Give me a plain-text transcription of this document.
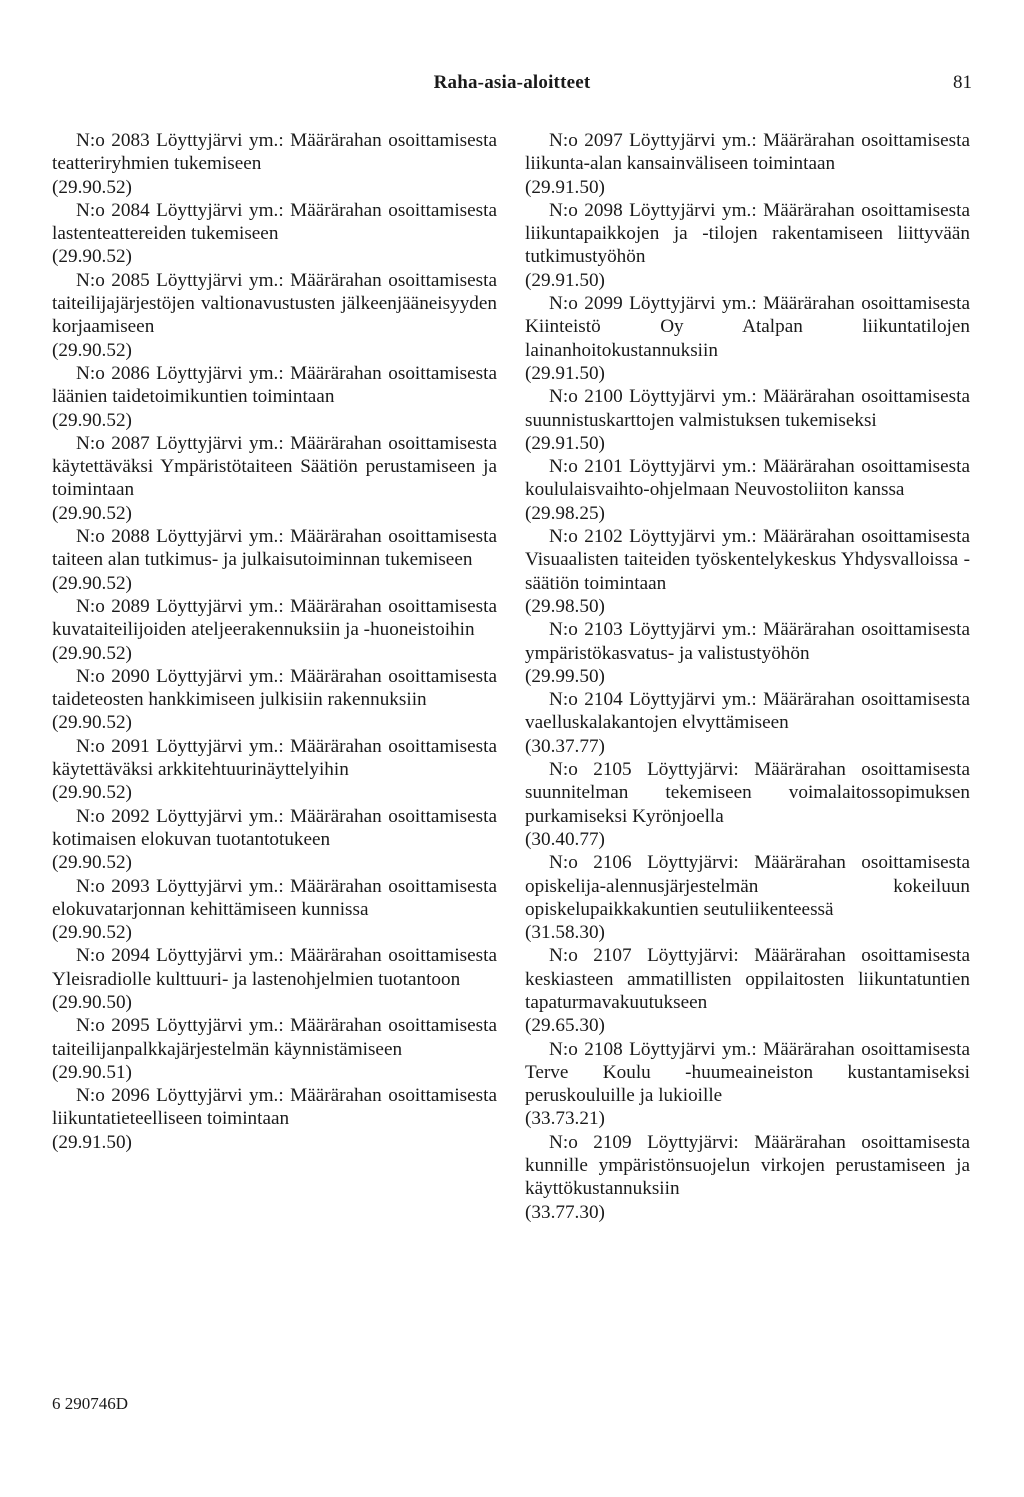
Raha-asia-aloitteet	81
N:o 2083 Löyttyjärvi ym.: Määrärahan osoittamisesta teatteriryhmien tukemiseen
(29.90.52)
N:o 2084 Löyttyjärvi ym.: Määrärahan osoittamisesta lastenteattereiden tukemiseen
(29.90.52)
N:o 2085 Löyttyjärvi ym.: Määrärahan osoittamisesta taiteilijajärjestöjen valtionavustusten jälkeenjääneisyyden korjaamiseen
(29.90.52)
N:o 2086 Löyttyjärvi ym.: Määrärahan osoittamisesta läänien taidetoimikuntien toimintaan
(29.90.52)
N:o 2087 Löyttyjärvi ym.: Määrärahan osoittamisesta käytettäväksi Ympäristötaiteen Säätiön perustamiseen ja toimintaan
(29.90.52)
N:o 2088 Löyttyjärvi ym.: Määrärahan osoittamisesta taiteen alan tutkimus- ja julkaisutoiminnan tukemiseen
(29.90.52)
N:o 2089 Löyttyjärvi ym.: Määrärahan osoittamisesta kuvataiteilijoiden ateljeerakennuksiin ja -huoneistoihin
(29.90.52)
N:o 2090 Löyttyjärvi ym.: Määrärahan osoittamisesta taideteosten hankkimiseen julkisiin rakennuksiin
(29.90.52)
N:o 2091 Löyttyjärvi ym.: Määrärahan osoittamisesta käytettäväksi arkkitehtuurinäyttelyihin
(29.90.52)
N:o 2092 Löyttyjärvi ym.: Määrärahan osoittamisesta kotimaisen elokuvan tuotantotukeen
(29.90.52)
N:o 2093 Löyttyjärvi ym.: Määrärahan osoittamisesta elokuvatarjonnan kehittämiseen kunnissa
(29.90.52)
N:o 2094 Löyttyjärvi ym.: Määrärahan osoittamisesta Yleisradiolle kulttuuri- ja lastenohjelmien tuotantoon
(29.90.50)
N:o 2095 Löyttyjärvi ym.: Määrärahan osoittamisesta taiteilijanpalkkajärjestelmän käynnistämiseen
(29.90.51)
N:o 2096 Löyttyjärvi ym.: Määrärahan osoittamisesta liikuntatieteelliseen toimintaan
(29.91.50)
N:o 2097 Löyttyjärvi ym.: Määrärahan osoittamisesta liikunta-alan kansainväliseen toimintaan
(29.91.50)
N:o 2098 Löyttyjärvi ym.: Määrärahan osoittamisesta liikuntapaikkojen ja -tilojen rakentamiseen liittyvään tutkimustyöhön
(29.91.50)
N:o 2099 Löyttyjärvi ym.: Määrärahan osoittamisesta Kiinteistö Oy Atalpan liikuntatilojen lainanhoitokustannuksiin
(29.91.50)
N:o 2100 Löyttyjärvi ym.: Määrärahan osoittamisesta suunnistuskarttojen valmistuksen tukemiseksi
(29.91.50)
N:o 2101 Löyttyjärvi ym.: Määrärahan osoittamisesta koululaisvaihto-ohjelmaan Neuvostoliiton kanssa
(29.98.25)
N:o 2102 Löyttyjärvi ym.: Määrärahan osoittamisesta Visuaalisten taiteiden työskentelykeskus Yhdysvalloissa -säätiön toimintaan
(29.98.50)
N:o 2103 Löyttyjärvi ym.: Määrärahan osoittamisesta ympäristökasvatus- ja valistustyöhön
(29.99.50)
N:o 2104 Löyttyjärvi ym.: Määrärahan osoittamisesta vaelluskalakantojen elvyttämiseen
(30.37.77)
N:o 2105 Löyttyjärvi: Määrärahan osoittamisesta suunnitelman tekemiseen voimalaitossopimuksen purkamiseksi Kyrönjoella
(30.40.77)
N:o 2106 Löyttyjärvi: Määrärahan osoittamisesta opiskelija-alennusjärjestelmän kokeiluun opiskelupaikkakuntien seutuliikenteessä
(31.58.30)
N:o 2107 Löyttyjärvi: Määrärahan osoittamisesta keskiasteen ammatillisten oppilaitosten liikuntatuntien tapaturmavakuutukseen
(29.65.30)
N:o 2108 Löyttyjärvi ym.: Määrärahan osoittamisesta Terve Koulu -huumeaineiston kustantamiseksi peruskouluille ja lukioille
(33.73.21)
N:o 2109 Löyttyjärvi: Määrärahan osoittamisesta kunnille ympäristönsuojelun virkojen perustamiseen ja käyttökustannuksiin
(33.77.30)
6 290746D
